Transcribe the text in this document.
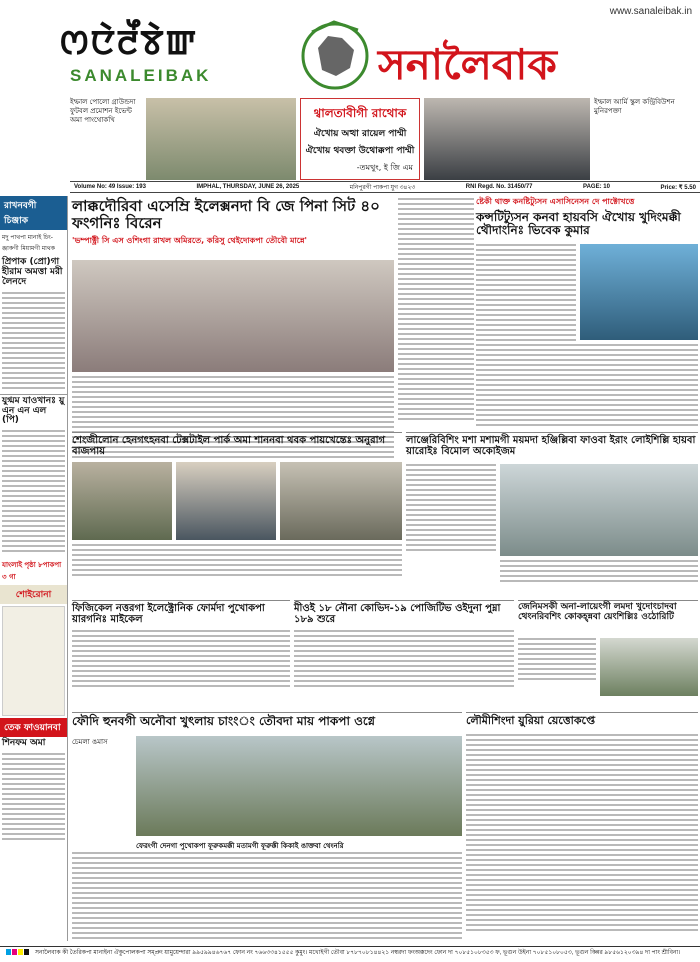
www.sanaleibak.in
ꯁꯅꯥꯂꯩꯕꯥꯛ
SANALEIBAK	সনালৈবাক
ইম্ফাল পোলো গ্রাউন্ডদা ফুটবল প্রমোশন ইভেন্ট অমা পাংথোকখি
থ্বালতাবীগী রাথোক
ঐখোয় অত্থা রায়েল পাম্মী
ঐখোয় থবক্তা উথোক্কপা পাম্মী
-তমথুং, ই জি এম
ইম্ফাল আর্মি স্কুল কন্ট্রিবিউশন মুনিরপক্তা
Volume No: 49 Issue: 193	IMPHAL, THURSDAY, JUNE 26, 2025	মনিপুরগী পাকপা যুগ ৩৪২৩	RNI Regd. No. 31450/77	PAGE: 10	Price: ₹ 5.50
রাখনবগী চিঞ্জাক
মদু পাথপা মানাই চিং-ঞ্জাকগী মিয়ামগী মাথক
প্রিপাক (প্রো)গা হীরাম অমত্তা মরী লৈনদে
যুগ্মম যাওখানঃ য়ু এন এন এল (পি)
যাংলাই পৃষ্ঠা ৮পাকপা ৩ গা
শোইরোনা
তেক ফাওয়ানবা
শিনফম অমা
লাক্কদৌরিবা এসেম্রি ইলেক্সনদা বি জে পিনা সিট ৪০ ফংগনিঃ বিরেন
'ভম্পাক্ট্রী সি এস ওশিংগা রাখল অমিরতে, করিসু থেইদোকপা তৌবৌ মান্নে'
ষ্টেকী থাক্ত কনষ্টিট্যুসন এসাসিনেসন দে পাক্টোখত্তে
কন্সটিট্যুসন কনবা হায়বসি ঐখোয় খুদিংমক্কী থৌদাংনিঃ ভিবেক কুমার
শেংজীলোন হেনগৎহনবা টেক্সটাইল পার্ক অমা শাননবা থবক পায়খেন্তেঃ অনুরাগ বাজপায়
লাঞ্জেরিবিশিং মশা মশামগী ময়মদা হঞ্জিল্লিবা ফাওবা ইরাং লোইশিল্লি হায়বা য়ারোইঃ বিমোল অকোইজম
ফিজিকেল নত্তরগা ইলেক্ট্রোনিক ফোর্মদা পুখোকপা য়ারগনিঃ মাইকেল
মীওই ১৮ নৌনা কোভিদ-১৯ পোজিটিভ ওইদুনা পুম্না ১৮৯ শুরে
জেনিমসকী অনা-লায়েংগী লমদা খুদোংচাদবা থেংনরিবশিং কোকহ্ন্নবা য়েংশিল্লিঃ ওঠোরিটি
ফৌদি হুনবগী অনৌবা খুৎলায় চাংংং তৌবদা মায় পাকপা ওগ্নে
চেমলা ঙমাস
ফেরংগী দেনগা পুখোকপা ফূরুকমক্কী মতামগী ফূরুক্কী কিকাই ঙাক্তবা থেংনরি
লৌমীশিংদা য়ুরিয়া য়েত্তোকপ্তে
সনালৈবাক কী তৈরিকপা মানাইনা ঐকুপোলকপা সম্প্রুং য়ামুয়েন্দারা ৯৯৫৯৯৪৬৭৬৭ ফোন নং ৭৬৬৩৩৪১৫৫৫ কুমুং। মখোইগী তৌবা ৮৭৮৭০৮১৪৪২১ নম্বরদা ফংঅক্কদেং ফোন দা ৭০৮৫১০৮৩৫৩ ফ, ভূগুন উইনা ৭০৮৫১০৮০৫৩, ভূগুন কিন্নর ৯৮৫৬১২০৩৯৪ দা পাং শ্রীবিনা।
